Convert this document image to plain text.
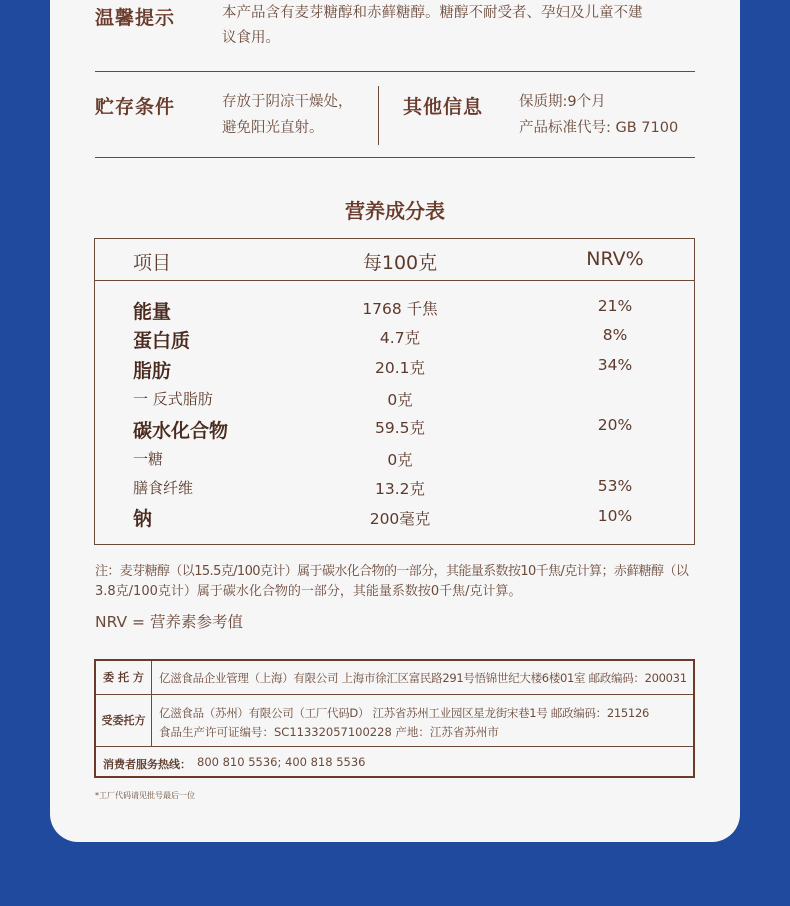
温馨提示	本产品含有麦芽糖醇和赤藓糖醇。糖醇不耐受者、孕妇及儿童不建
议食用。
贮存条件	存放于阴凉干燥处，
避免阳光直射。
其他信息 保质期:9个月
产品标准代号: GB 7100
营养成分表
项目	每100克	NRV%
能量	1768 千焦	21%
蛋白质	4.7克	8%
脂肪	20.1克	34%
一 反式脂肪	0克
碳水化合物	59.5克	20%
一糖	0克
膳食纤维	13.2克	53%
钠	200毫克	10%
注：麦芽糖醇（以15.5克/100克计）属于碳水化合物的一部分，其能量系数按10千焦/克计算；赤藓糖醇（以
3.8克/100克计）属于碳水化合物的一部分，其能量系数按0千焦/克计算。
NRV = 营养素参考值
委 托 方	亿滋食品企业管理（上海）有限公司 上海市徐汇区富民路291号悟锦世纪大楼6楼01室 邮政编码：200031
受委托方
亿滋食品（苏州）有限公司（工厂代码D） 江苏省苏州工业园区星龙街宋巷1号 邮政编码：215126
食品生产许可证编号：SC11332057100228 产地：江苏省苏州市
消费者服务热线： 800 810 5536; 400 818 5536
*工厂代码请见批号最后一位
